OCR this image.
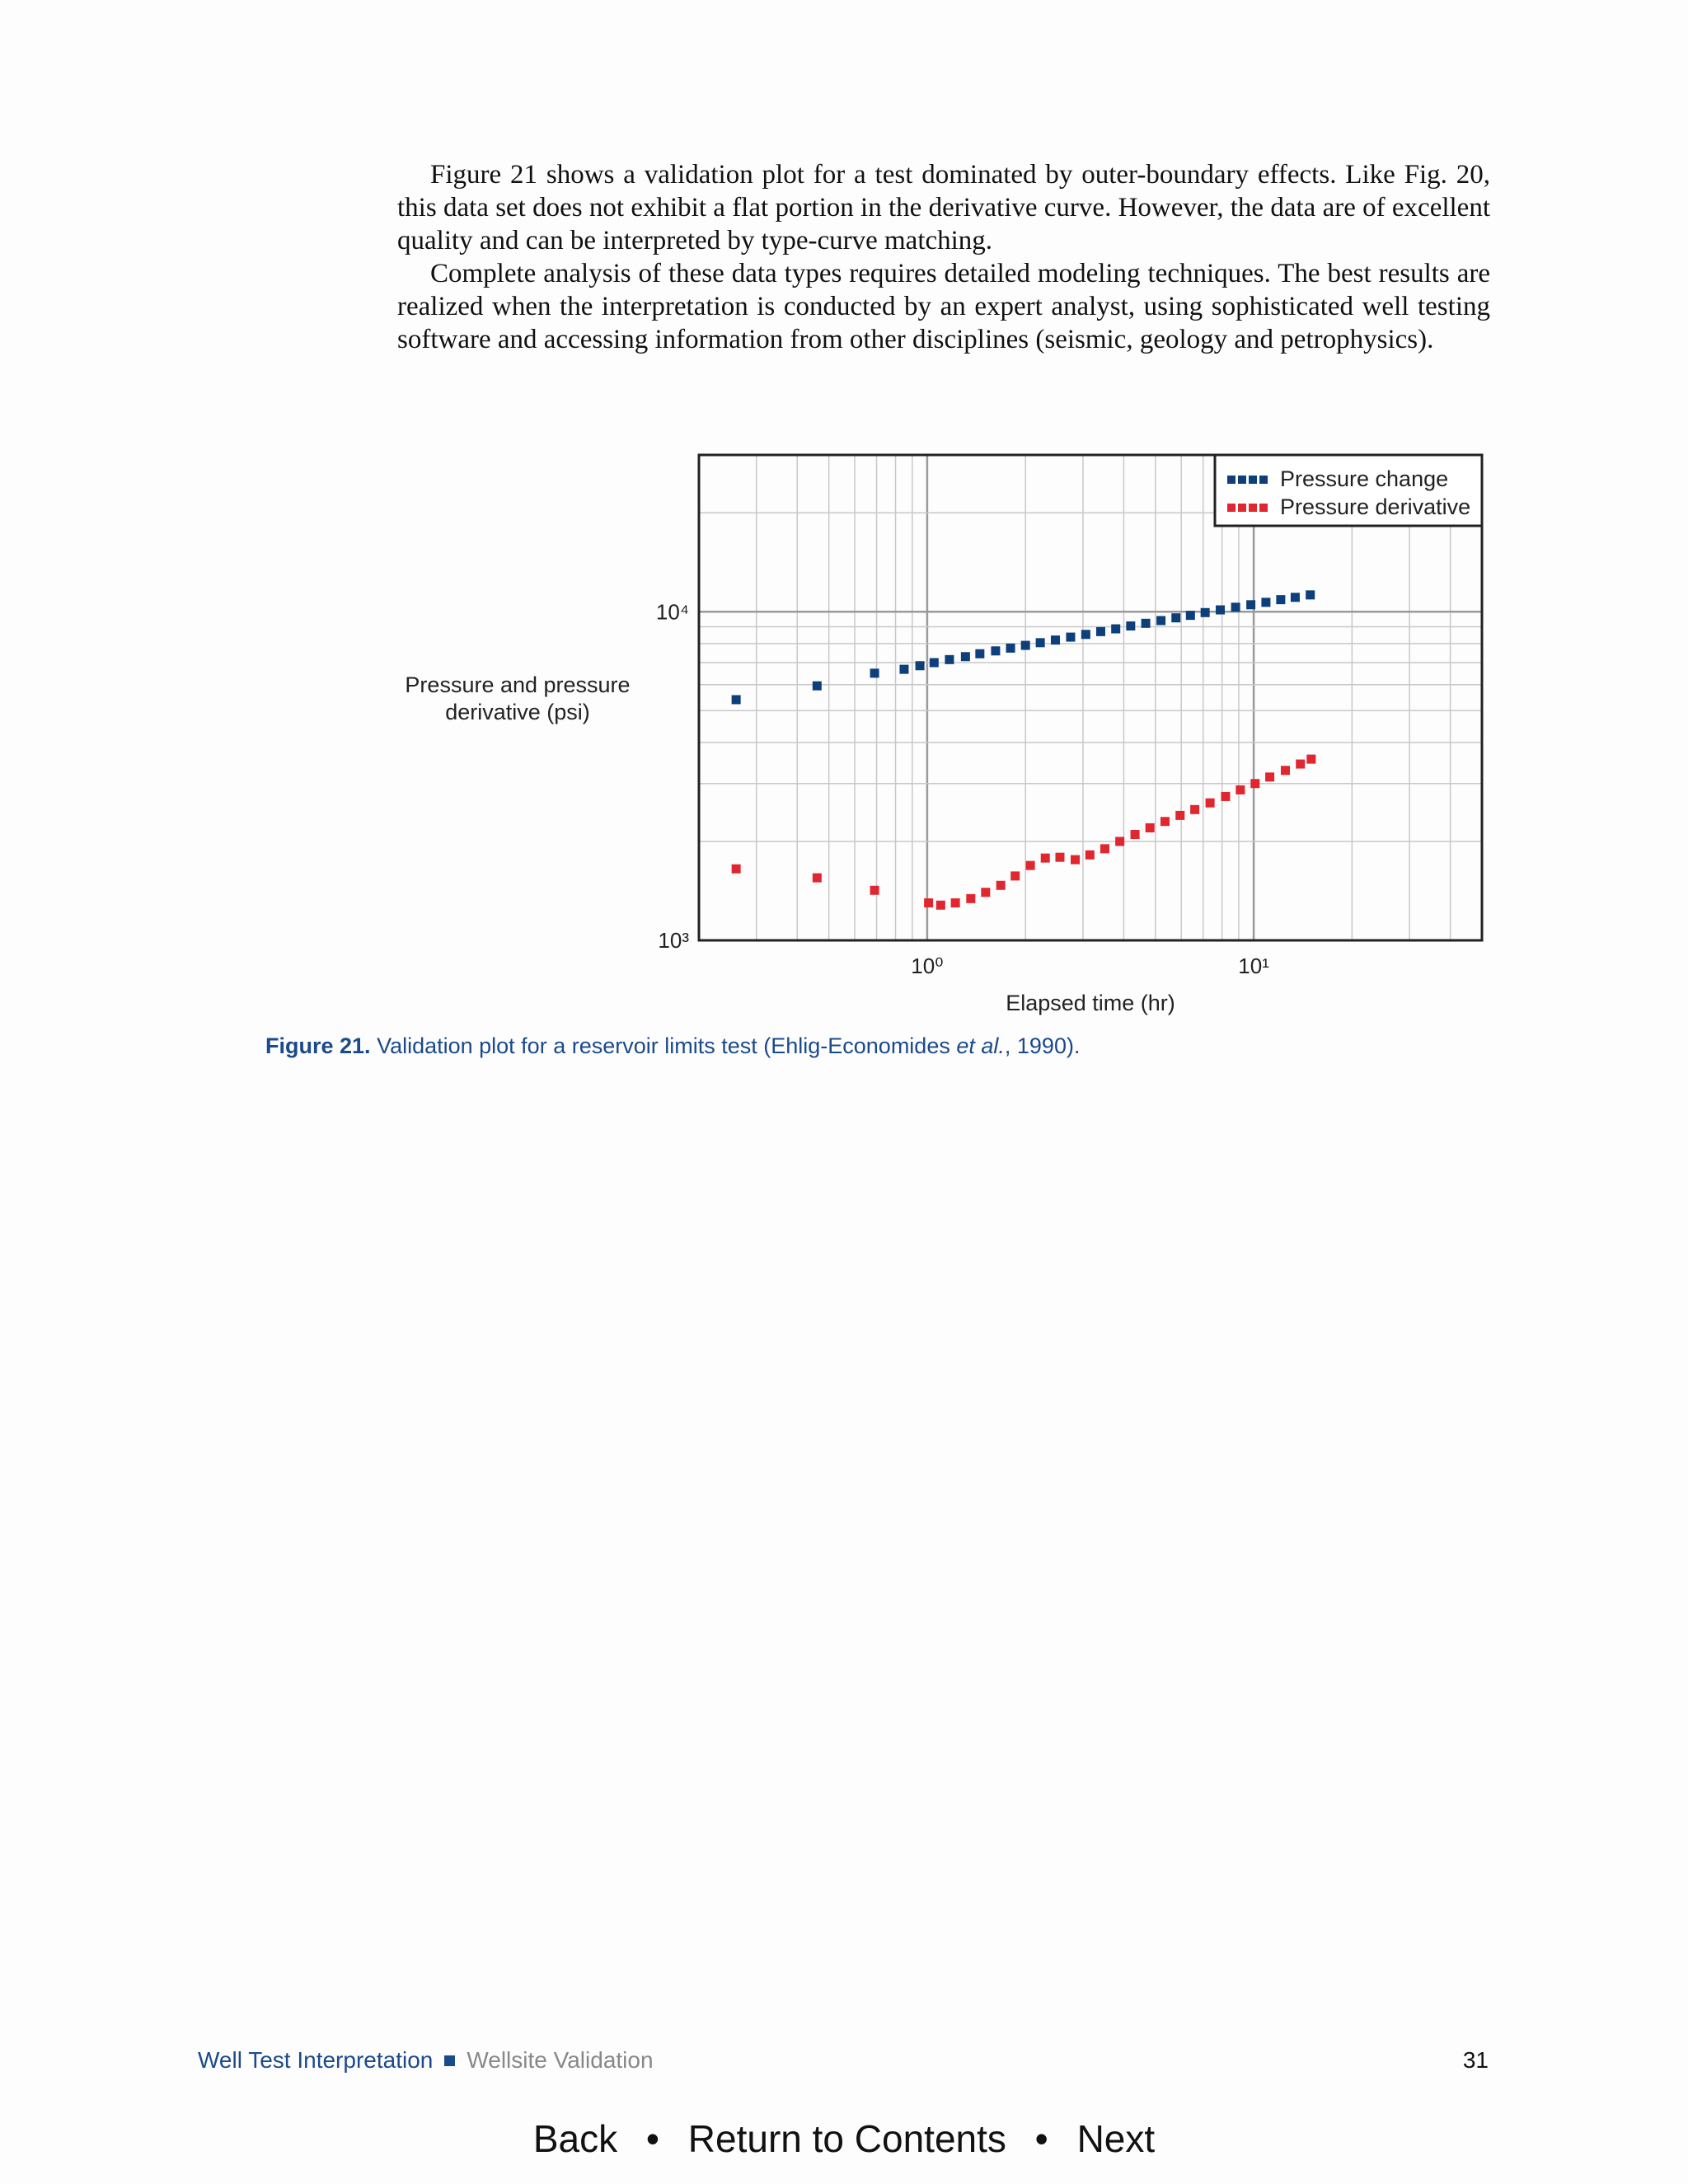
Figure 21 shows a validation plot for a test dominated by outer-boundary effects. Like Fig. 20, this data set does not exhibit a flat portion in the derivative curve. However, the data are of excellent quality and can be interpreted by type-curve matching.

Complete analysis of these data types requires detailed modeling techniques. The best results are realized when the interpretation is conducted by an expert analyst, using sophisticated well testing software and accessing information from other disciplines (seismic, geology and petrophysics).

10⁰	10¹
10³
10⁴
Pressure change
Pressure derivative
Pressure and pressure derivative (psi)
Elapsed time (hr)

Figure 21. Validation plot for a reservoir limits test (Ehlig-Economides et al., 1990).

Well Test Interpretation Wellsite Validation	31
Back • Return to Contents • Next
